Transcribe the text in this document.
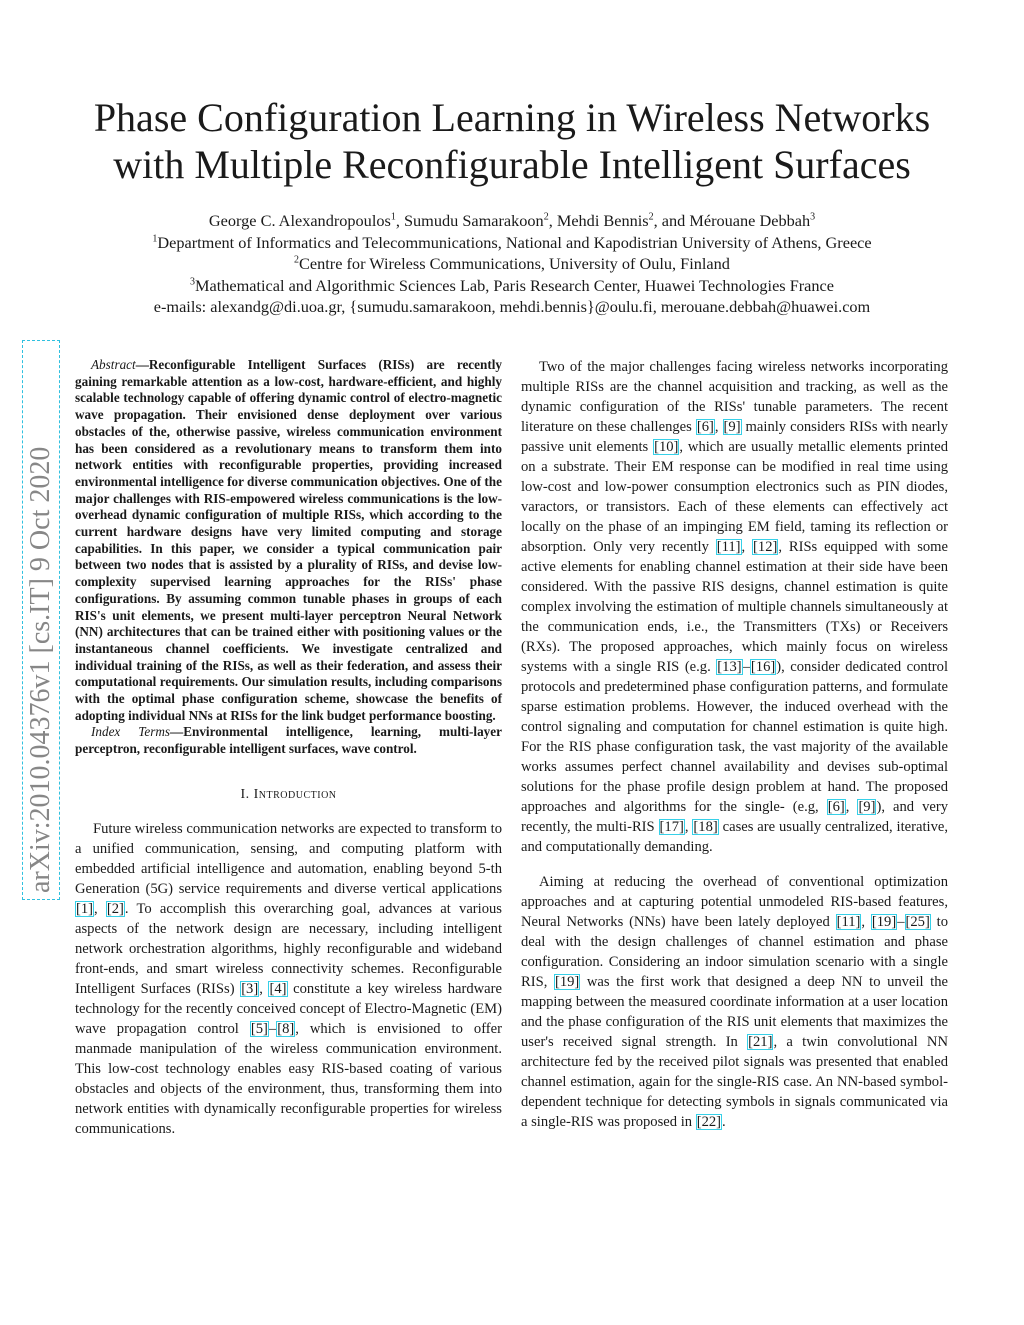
arXiv:2010.04376v1 [cs.IT] 9 Oct 2020
Phase Configuration Learning in Wireless Networks
with Multiple Reconfigurable Intelligent Surfaces
George C. Alexandropoulos$^1$, Sumudu Samarakoon$^2$, Mehdi Bennis$^2$, and Mérouane Debbah$^3$
$^1$Department of Informatics and Telecommunications, National and Kapodistrian University of Athens, Greece
$^2$Centre for Wireless Communications, University of Oulu, Finland
$^3$Mathematical and Algorithmic Sciences Lab, Paris Research Center, Huawei Technologies France
e-mails: alexandg@di.uoa.gr, {sumudu.samarakoon, mehdi.bennis}@oulu.fi, merouane.debbah@huawei.com

Abstract—Reconfigurable Intelligent Surfaces (RISs) are recently gaining remarkable attention as a low-cost, hardware-efficient, and highly scalable technology capable of offering dynamic control of electro-magnetic wave propagation. Their envisioned dense deployment over various obstacles of the, otherwise passive, wireless communication environment has been considered as a revolutionary means to transform them into network entities with reconfigurable properties, providing increased environmental intelligence for diverse communication objectives. One of the major challenges with RIS-empowered wireless communications is the low-overhead dynamic configuration of multiple RISs, which according to the current hardware designs have very limited computing and storage capabilities. In this paper, we consider a typical communication pair between two nodes that is assisted by a plurality of RISs, and devise low-complexity supervised learning approaches for the RISs' phase configurations. By assuming common tunable phases in groups of each RIS's unit elements, we present multi-layer perceptron Neural Network (NN) architectures that can be trained either with positioning values or the instantaneous channel coefficients. We investigate centralized and individual training of the RISs, as well as their federation, and assess their computational requirements. Our simulation results, including comparisons with the optimal phase configuration scheme, showcase the benefits of adopting individual NNs at RISs for the link budget performance boosting.

Index Terms—Environmental intelligence, learning, multi-layer perceptron, reconfigurable intelligent surfaces, wave control.

I. Introduction

Future wireless communication networks are expected to transform to a unified communication, sensing, and computing platform with embedded artificial intelligence and automation, enabling beyond 5-th Generation (5G) service requirements and diverse vertical applications [1], [2]. To accomplish this overarching goal, advances at various aspects of the network design are necessary, including intelligent network orchestration algorithms, highly reconfigurable and wideband front-ends, and smart wireless connectivity schemes. Reconfigurable Intelligent Surfaces (RISs) [3], [4] constitute a key wireless hardware technology for the recently conceived concept of Electro-Magnetic (EM) wave propagation control [5]–[8], which is envisioned to offer manmade manipulation of the wireless communication environment. This low-cost technology enables easy RIS-based coating of various obstacles and objects of the environment, thus, transforming them into network entities with dynamically reconfigurable properties for wireless communications.

Two of the major challenges facing wireless networks incorporating multiple RISs are the channel acquisition and tracking, as well as the dynamic configuration of the RISs' tunable parameters. The recent literature on these challenges [6], [9] mainly considers RISs with nearly passive unit elements [10], which are usually metallic elements printed on a substrate. Their EM response can be modified in real time using low-cost and low-power consumption electronics such as PIN diodes, varactors, or transistors. Each of these elements can effectively act locally on the phase of an impinging EM field, taming its reflection or absorption. Only very recently [11], [12], RISs equipped with some active elements for enabling channel estimation at their side have been considered. With the passive RIS designs, channel estimation is quite complex involving the estimation of multiple channels simultaneously at the communication ends, i.e., the Transmitters (TXs) or Receivers (RXs). The proposed approaches, which mainly focus on wireless systems with a single RIS (e.g. [13]–[16]), consider dedicated control protocols and predetermined phase configuration patterns, and formulate sparse estimation problems. However, the induced overhead with the control signaling and computation for channel estimation is quite high. For the RIS phase configuration task, the vast majority of the available works assumes perfect channel availability and devises sub-optimal solutions for the phase profile design problem at hand. The proposed approaches and algorithms for the single- (e.g, [6], [9]), and very recently, the multi-RIS [17], [18] cases are usually centralized, iterative, and computationally demanding.

Aiming at reducing the overhead of conventional optimization approaches and at capturing potential unmodeled RIS-based features, Neural Networks (NNs) have been lately deployed [11], [19]–[25] to deal with the design challenges of channel estimation and phase configuration. Considering an indoor simulation scenario with a single RIS, [19] was the first work that designed a deep NN to unveil the mapping between the measured coordinate information at a user location and the phase configuration of the RIS unit elements that maximizes the user's received signal strength. In [21], a twin convolutional NN architecture fed by the received pilot signals was presented that enabled channel estimation, again for the single-RIS case. An NN-based symbol-dependent technique for detecting symbols in signals communicated via a single-RIS was proposed in [22].
